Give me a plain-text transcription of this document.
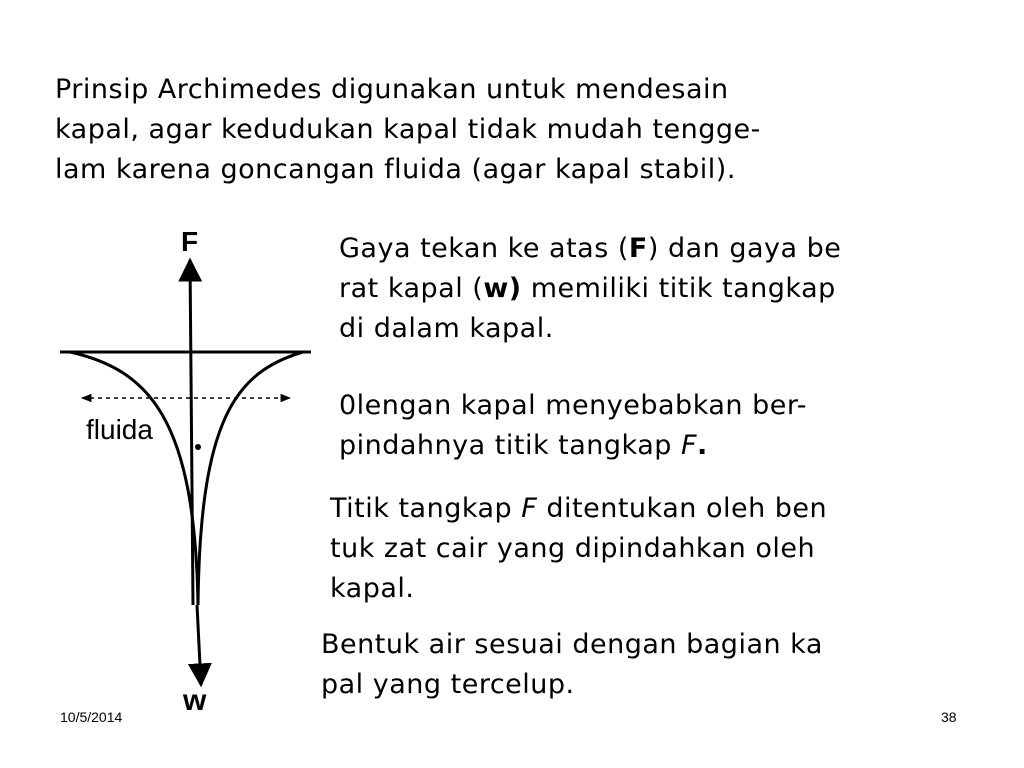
F
w
fluida
Prinsip Archimedes digunakan untuk mendesain
kapal, agar kedudukan kapal tidak mudah tengge-
lam karena goncangan fluida (agar kapal stabil).
Gaya tekan ke atas (F) dan gaya be
rat kapal (w) memiliki titik tangkap
di dalam kapal.
0lengan kapal menyebabkan ber-
pindahnya titik tangkap F.
Titik tangkap F ditentukan oleh ben
tuk zat cair yang dipindahkan oleh
kapal.
Bentuk air sesuai dengan bagian ka
pal yang tercelup.
10/5/2014	38
